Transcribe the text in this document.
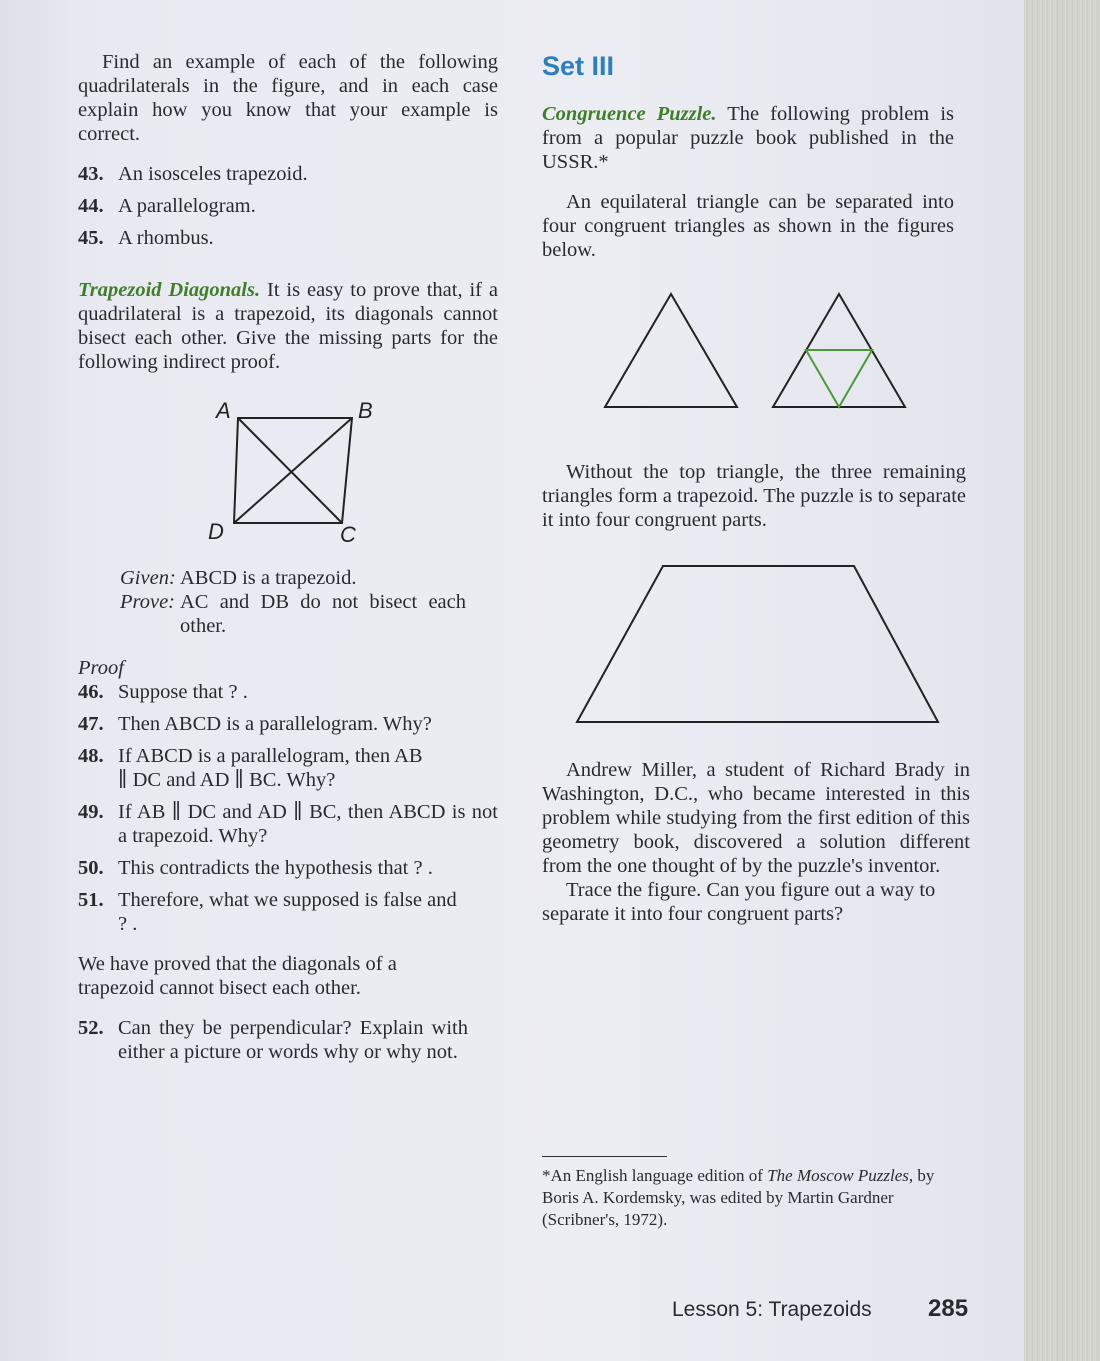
Find an example of each of the following quadrilaterals in the figure, and in each case explain how you know that your example is correct.

43. An isosceles trapezoid.
44. A parallelogram.
45. A rhombus.

Trapezoid Diagonals. It is easy to prove that, if a quadrilateral is a trapezoid, its diagonals cannot bisect each other. Give the missing parts for the following indirect proof.

A	B
D	C
Given: ABCD is a trapezoid.
Prove: AC and DB do not bisect each other.

Proof

46. Suppose that ? .
47. Then ABCD is a parallelogram. Why?
48. If ABCD is a parallelogram, then AB ∥ DC and AD ∥ BC. Why?
49. If AB ∥ DC and AD ∥ BC, then ABCD is not a trapezoid. Why?
50. This contradicts the hypothesis that ? .
51. Therefore, what we supposed is false and ? .

We have proved that the diagonals of a trapezoid cannot bisect each other.

52. Can they be perpendicular? Explain with either a picture or words why or why not.
Set III

Congruence Puzzle. The following problem is from a popular puzzle book published in the USSR.*

An equilateral triangle can be separated into four congruent triangles as shown in the figures below.

Without the top triangle, the three remaining triangles form a trapezoid. The puzzle is to separate it into four congruent parts.

Andrew Miller, a student of Richard Brady in Washington, D.C., who became interested in this problem while studying from the first edition of this geometry book, discovered a solution different from the one thought of by the puzzle's inventor.

Trace the figure. Can you figure out a way to separate it into four congruent parts?

*An English language edition of The Moscow Puzzles, by Boris A. Kordemsky, was edited by Martin Gardner (Scribner's, 1972).

Lesson 5: Trapezoids 285
